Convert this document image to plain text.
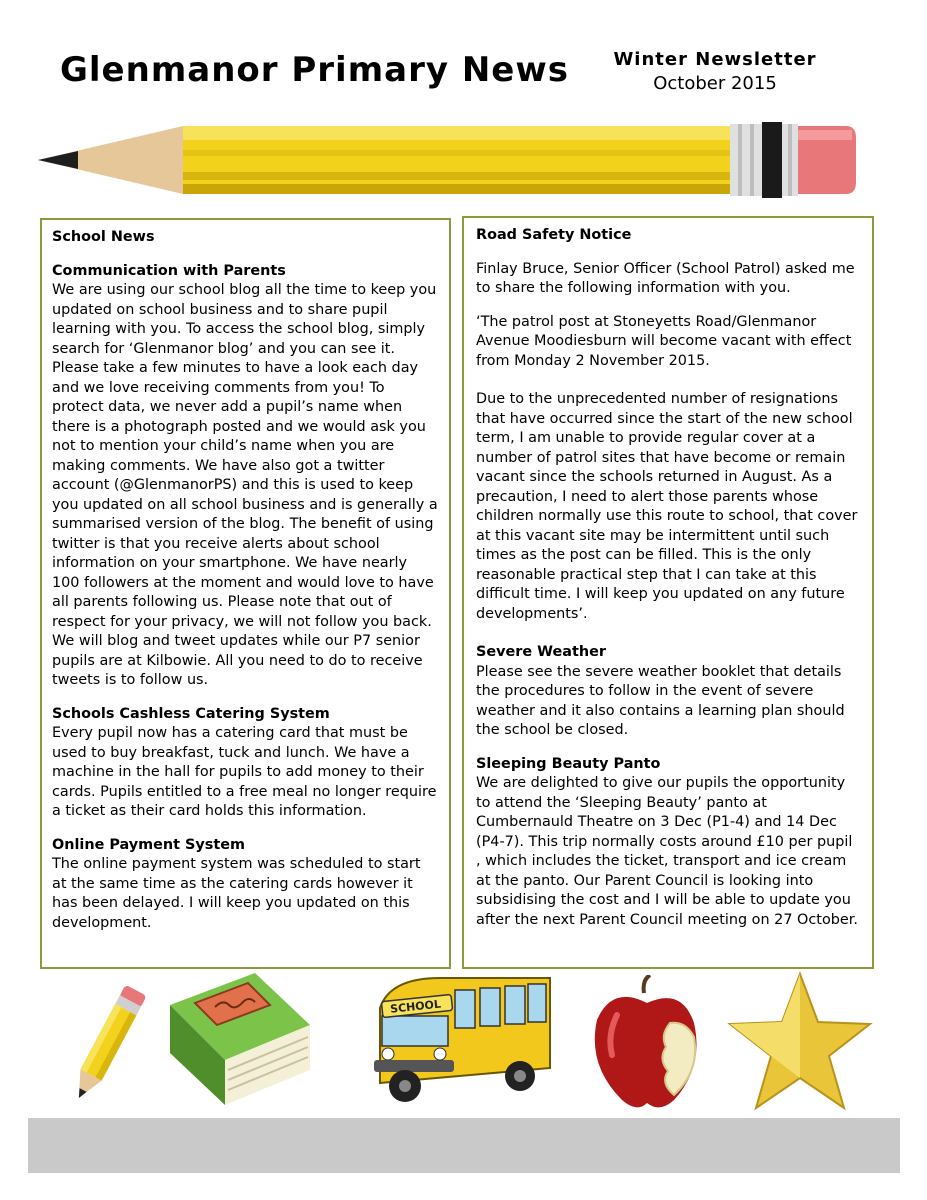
Glenmanor Primary News	Winter Newsletter
October 2015

School News

Communication with Parents

We are using our school blog all the time to keep you updated on school business and to share pupil learning with you. To access the school blog, simply search for ‘Glenmanor blog’ and you can see it. Please take a few minutes to have a look each day and we love receiving comments from you! To protect data, we never add a pupil’s name when there is a photograph posted and we would ask you not to mention your child’s name when you are making comments. We have also got a twitter account (@GlenmanorPS) and this is used to keep you updated on all school business and is generally a summarised version of the blog. The benefit of using twitter is that you receive alerts about school information on your smartphone. We have nearly 100 followers at the moment and would love to have all parents following us. Please note that out of respect for your privacy, we will not follow you back. We will blog and tweet updates while our P7 senior pupils are at Kilbowie. All you need to do to receive tweets is to follow us.

Schools Cashless Catering System

Every pupil now has a catering card that must be used to buy breakfast, tuck and lunch. We have a machine in the hall for pupils to add money to their cards. Pupils entitled to a free meal no longer require a ticket as their card holds this information.

Online Payment System

The online payment system was scheduled to start at the same time as the catering cards however it has been delayed. I will keep you updated on this development.

Road Safety Notice

Finlay Bruce, Senior Officer (School Patrol) asked me to share the following information with you.

‘The patrol post at Stoneyetts Road/Glenmanor Avenue Moodiesburn will become vacant with effect from Monday 2 November 2015.

Due to the unprecedented number of resignations that have occurred since the start of the new school term, I am unable to provide regular cover at a number of patrol sites that have become or remain vacant since the schools returned in August. As a precaution, I need to alert those parents whose children normally use this route to school, that cover at this vacant site may be intermittent until such times as the post can be filled. This is the only reasonable practical step that I can take at this difficult time. I will keep you updated on any future developments’.

Severe Weather

Please see the severe weather booklet that details the procedures to follow in the event of severe weather and it also contains a learning plan should the school be closed.

Sleeping Beauty Panto

We are delighted to give our pupils the opportunity to attend the ‘Sleeping Beauty’ panto at Cumbernauld Theatre on 3 Dec (P1-4) and 14 Dec (P4-7). This trip normally costs around £10 per pupil , which includes the ticket, transport and ice cream at the panto. Our Parent Council is looking into subsidising the cost and I will be able to update you after the next Parent Council meeting on 27 October.

SCHOOL
